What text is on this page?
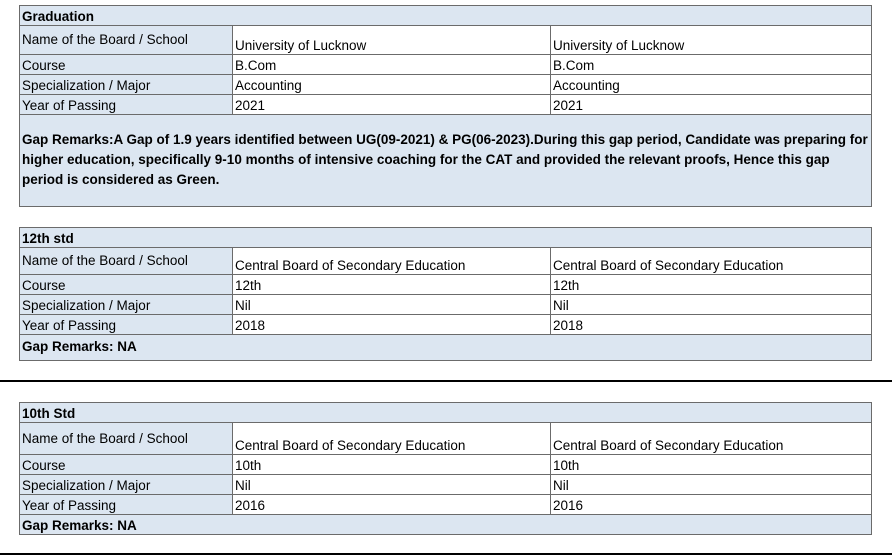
Graduation		
Name of the Board / School	University of Lucknow	University of Lucknow
Course	B.Com	B.Com
Specialization / Major	Accounting	Accounting
Year of Passing	2021	2021
Gap Remarks:A Gap of 1.9 years identified between UG(09-2021) & PG(06-2023).During this gap period, Candidate was preparing for higher education, specifically 9-10 months of intensive coaching for the CAT and provided the relevant proofs, Hence this gap period is considered as Green.		
12th std		
Name of the Board / School	Central Board of Secondary Education	Central Board of Secondary Education
Course	12th	12th
Specialization / Major	Nil	Nil
Year of Passing	2018	2018
Gap Remarks: NA		
10th Std		
Name of the Board / School	Central Board of Secondary Education	Central Board of Secondary Education
Course	10th	10th
Specialization / Major	Nil	Nil
Year of Passing	2016	2016
Gap Remarks: NA		
